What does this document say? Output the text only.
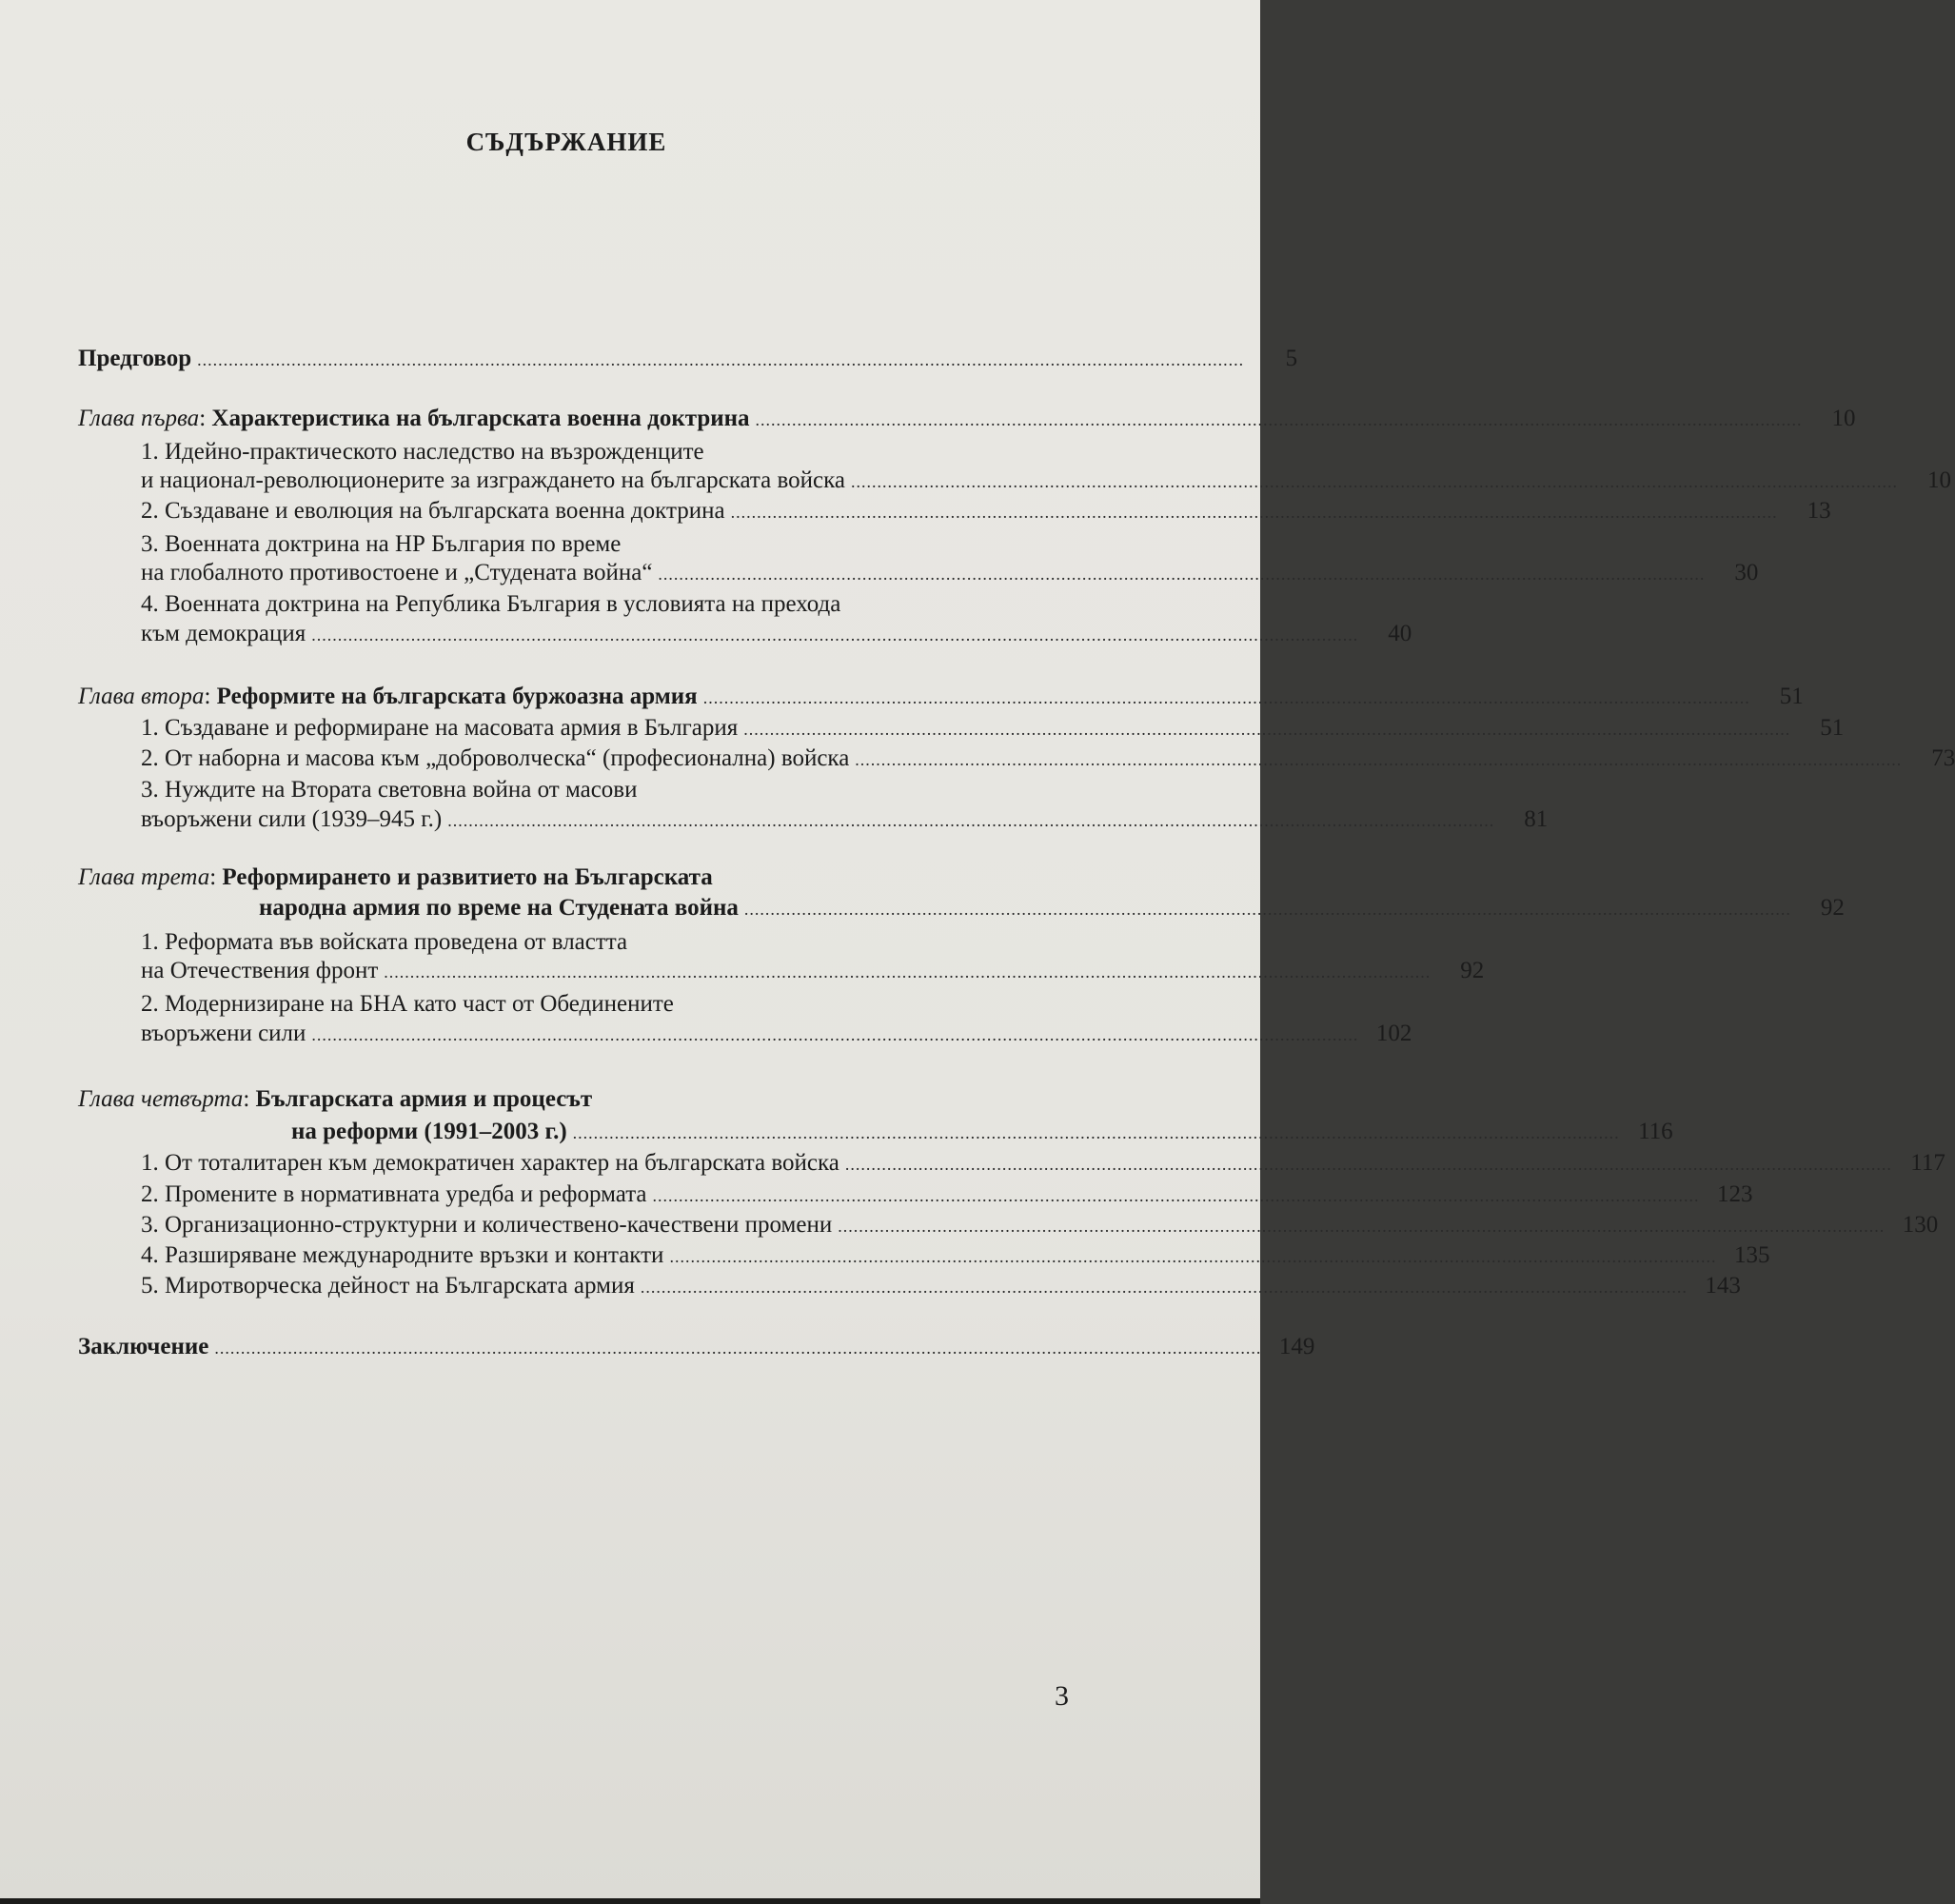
СЪДЪРЖАНИЕ
Предговор ........................................................................................................................................................................................................	5
Глава първа: Характеристика на българската военна доктрина ........................................................................................................................................................................................................	10
1. Идейно-практическото наследство на възрожденците
и национал-революционерите за изграждането на българската войска ........................................................................................................................................................................................................	10
2. Създаване и еволюция на българската военна доктрина ........................................................................................................................................................................................................	13
3. Военната доктрина на НР България по време
на глобалното противостоене и „Студената война“ ........................................................................................................................................................................................................	30
4. Военната доктрина на Република България в условията на прехода
към демокрация ........................................................................................................................................................................................................	40
Глава втора: Реформите на българската буржоазна армия ........................................................................................................................................................................................................	51
1. Създаване и реформиране на масовата армия в България ........................................................................................................................................................................................................	51
2. От наборна и масова към „доброволческа“ (професионална) войска ........................................................................................................................................................................................................	73
3. Нуждите на Втората световна война от масови
въоръжени сили (1939–945 г.) ........................................................................................................................................................................................................	81
Глава трета: Реформирането и развитието на Българската
народна армия по време на Студената война ........................................................................................................................................................................................................	92
1. Реформата във войската проведена от властта
на Отечествения фронт ........................................................................................................................................................................................................	92
2. Модернизиране на БНА като част от Обединените
въоръжени сили ........................................................................................................................................................................................................ 102
Глава четвърта: Българската армия и процесът
на реформи (1991–2003 г.) ........................................................................................................................................................................................................ 116
1. От тоталитарен към демократичен характер на българската войска ........................................................................................................................................................................................................ 117
2. Промените в нормативната уредба и реформата ........................................................................................................................................................................................................ 123
3. Организационно-структурни и количествено-качествени промени ........................................................................................................................................................................................................ 130
4. Разширяване международните връзки и контакти ........................................................................................................................................................................................................ 135
5. Миротворческа дейност на Българската армия ........................................................................................................................................................................................................ 143
Заключение ........................................................................................................................................................................................................ 149
3
